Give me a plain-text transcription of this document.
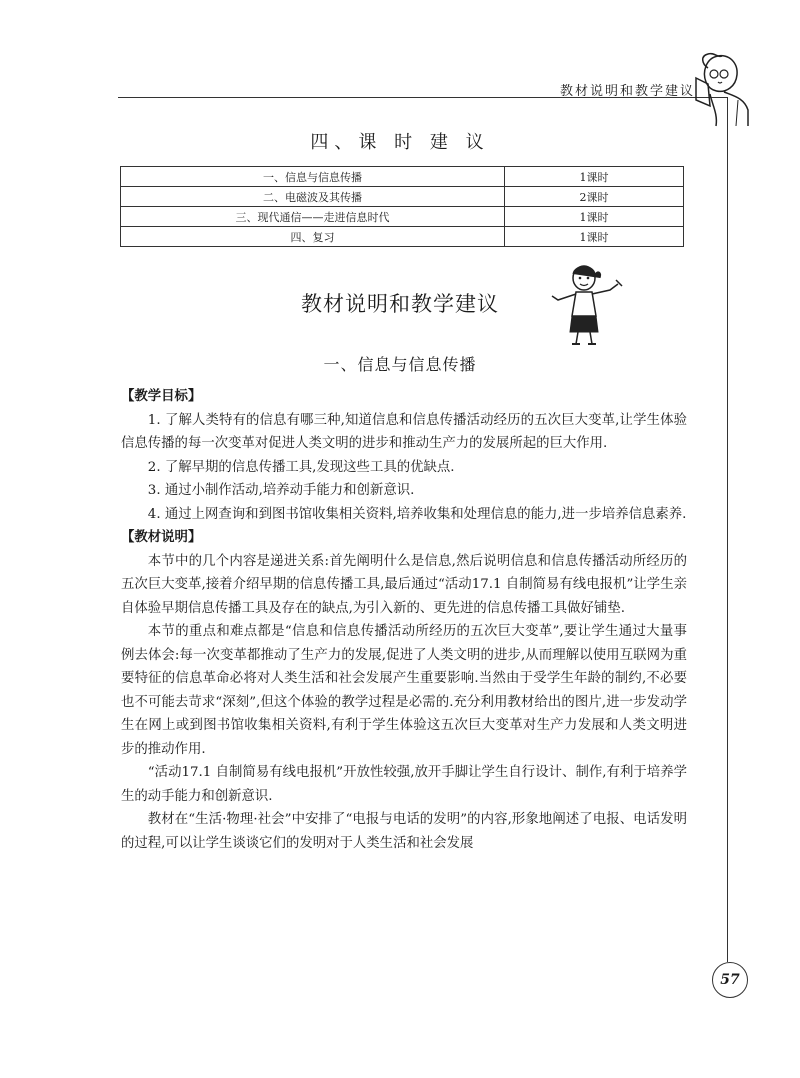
教材说明和教学建议
四、课 时 建 议
一、信息与信息传播	1课时
二、电磁波及其传播	2课时
三、现代通信——走进信息时代	1课时
四、复习	1课时
教材说明和教学建议
一、信息与信息传播

【教学目标】

1. 了解人类特有的信息有哪三种,知道信息和信息传播活动经历的五次巨大变革,让学生体验信息传播的每一次变革对促进人类文明的进步和推动生产力的发展所起的巨大作用.

2. 了解早期的信息传播工具,发现这些工具的优缺点.

3. 通过小制作活动,培养动手能力和创新意识.

4. 通过上网查询和到图书馆收集相关资料,培养收集和处理信息的能力,进一步培养信息素养.

【教材说明】

本节中的几个内容是递进关系:首先阐明什么是信息,然后说明信息和信息传播活动所经历的五次巨大变革,接着介绍早期的信息传播工具,最后通过“活动17.1 自制简易有线电报机”让学生亲自体验早期信息传播工具及存在的缺点,为引入新的、更先进的信息传播工具做好铺垫.

本节的重点和难点都是“信息和信息传播活动所经历的五次巨大变革”,要让学生通过大量事例去体会:每一次变革都推动了生产力的发展,促进了人类文明的进步,从而理解以使用互联网为重要特征的信息革命必将对人类生活和社会发展产生重要影响.当然由于受学生年龄的制约,不必要也不可能去苛求“深刻”,但这个体验的教学过程是必需的.充分利用教材给出的图片,进一步发动学生在网上或到图书馆收集相关资料,有利于学生体验这五次巨大变革对生产力发展和人类文明进步的推动作用.

“活动17.1 自制简易有线电报机”开放性较强,放开手脚让学生自行设计、制作,有利于培养学生的动手能力和创新意识.

教材在“生活·物理·社会”中安排了“电报与电话的发明”的内容,形象地阐述了电报、电话发明的过程,可以让学生谈谈它们的发明对于人类生活和社会发展

57
